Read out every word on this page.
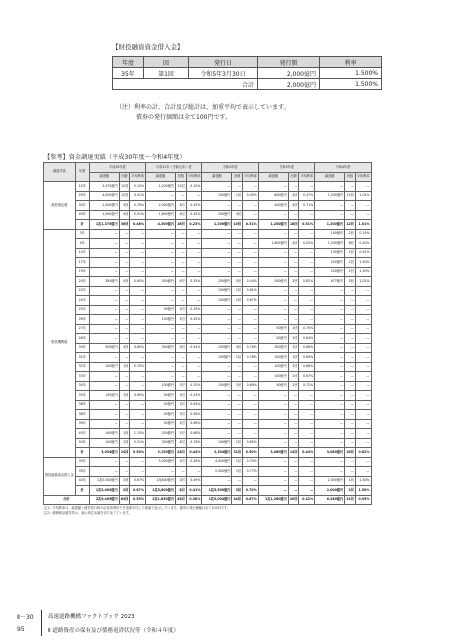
【財投融資資金借入金】
年度	回	発行日	発行額	利率
35年	第1回	令和5年3月30日	2,000億円	1.500%
合計			2,000億円	1.500%
（注）利率の計、合計及び総計は、加重平均で表示しています。
債券の発行価額は全て100円です。
【参考】資金調達実績（平成30年度～令和4年度）
調達手段	年数	平成30年度			平成31年（令和元年）度			令和2年度			令和3年度			令和4年度		
		調達額	回数	平均利率	調達額	回数	平均利率	調達額	回数	平均利率	調達額	回数	平均利率	調達額	回数	平均利率
政府保証債	15年	3,475億円	12回	0.15%	1,200億円	12回	0.10%	—	—	—	—	—	—	—	—	—
	20年	4,000億円	12回	0.41%	—	—	—	100億円	1回	0.45%	600億円	4回	0.47%	1,200億円	12回	1.01%
	30年	2,000億円	4回	0.76%	2,000億円	4回	0.42%	—	—	—	400億円	4回	0.71%	—	—	—
	40年	1,000億円	4回	0.91%	1,600億円	4回	0.42%	300億円	4回	—	—	—	—	—	—	—
	計	1兆1,375億円	36回	0.48%	4,300億円	16回	0.23%	1,200億円	10回	0.51%	1,200億円	18回	0.51%	1,200億円	12回	1.01%
財投機関債	3年	—	—	—	—	—	—	—	—	—	—	—	—	100億円	2回	0.19%
	4年	—	—	—	—	—	—	—	—	—	1,600億円	4回	0.02%	1,200億円	6回	0.40%
	10年	—	—	—	—	—	—	—	—	—	—	—	—	100億円	1回	0.61%
	17年	—	—	—	—	—	—	—	—	—	—	—	—	200億円	1回	1.40%
	19年	—	—	—	—	—	—	—	—	—	—	—	—	200億円	1回	1.50%
	20年	384億円	4回	0.65%	300億円	4回	0.35%	250億円	5回	0.44%	500億円	3回	0.62%	677億円	5回	1.02%
	22年	—	—	—	—	—	—	150億円	1回	0.61%	—	—	—	—	—	—
	24年	—	—	—	—	—	—	100億円	1回	0.67%	—	—	—	—	—	—
	25年	—	—	—	50億円	1回	0.35%	—	—	—	—	—	—	—	—	—
	26年	—	—	—	100億円	1回	0.45%	—	—	—	—	—	—	—	—	—
	27年	—	—	—	—	—	—	—	—	—	50億円	1回	0.75%	—	—	—
	28年	—	—	—	—	—	—	—	—	—	50億円	1回	0.64%	—	—	—
	30年	500億円	4回	0.60%	300億円	5回	0.54%	150億円	4回	0.76%	300億円	1回	0.66%	—	—	—
	31年	—	—	—	—	—	—	150億円	1回	0.76%	100億円	1回	0.69%	—	—	—
	32年	100億円	1回	0.75%	—	—	—	—	—	—	100億円	1回	0.66%	—	—	—
	33年	—	—	—	—	—	—	—	—	—	100億円	1回	0.67%	—	—	—
	34年	—	—	—	100億円	1回	0.70%	150億円	1回	0.69%	50億円	1回	0.72%	—	—	—
	35年	150億円	1回	0.69%	50億円	1回	0.53%	—	—	—	—	—	—	—	—	—
	36年	—	—	—	50億円	1回	0.64%	—	—	—	—	—	—	—	—	—
	38年	—	—	—	50億円	1回	0.56%	—	—	—	—	—	—	—	—	—
	39年	—	—	—	50億円	1回	0.66%	—	—	—	—	—	—	—	—	—
	40年	100億円	1回	1.15%	200億円	1回	0.66%	—	—	—	—	—	—	—	—	—
	50年	100億円	1回	0.31%	300億円	4回	0.76%	100億円	1回	0.85%	—	—	—	—	—	—
	計	3,034億円	24回	0.50%	2,150億円	24回	0.44%	2,304億円	31回	0.50%	3,060億円	14回	0.44%	3,080億円	16回	0.62%
財投融資資金借入金	30年	—	—	—	5,000億円	1回	0.26%	4,000億円	1回	0.70%	—	—	—	—	—	—
	35年	—	—	—	—	—	—	5,500億円	1回	0.77%	—	—	—	—	—	—
	40年	1兆5,000億円	3回	0.67%	1兆800億円	2回	0.49%	—	—	—	—	—	—	2,000億円	1回	1.50%
	計	1兆5,000億円	3回	0.67%	1兆5,800億円	3回	0.41%	1兆5,500億円	3回	0.70%	—	—	—	2,000億円	1回	1.50%
合計		2兆9,409億円	63回	0.59%	2兆1,850億円	43回	0.38%	1兆9,004億円	44回	0.67%	1兆1,260億円	20回	0.42%	6,280億円	31回	0.95%
注1）平均利率は、調達額と債券発行時の応募者利回りを加重平均した数値で表示しています。債券の発行価額は全て100円です。
注2）債務保証債券等は、表示単位未満を切り捨てています。
Ⅱ－30
95
高速道路機構ファクトブック 2023
Ⅱ 道路資産の保有及び債務返済状況等（令和４年度）
